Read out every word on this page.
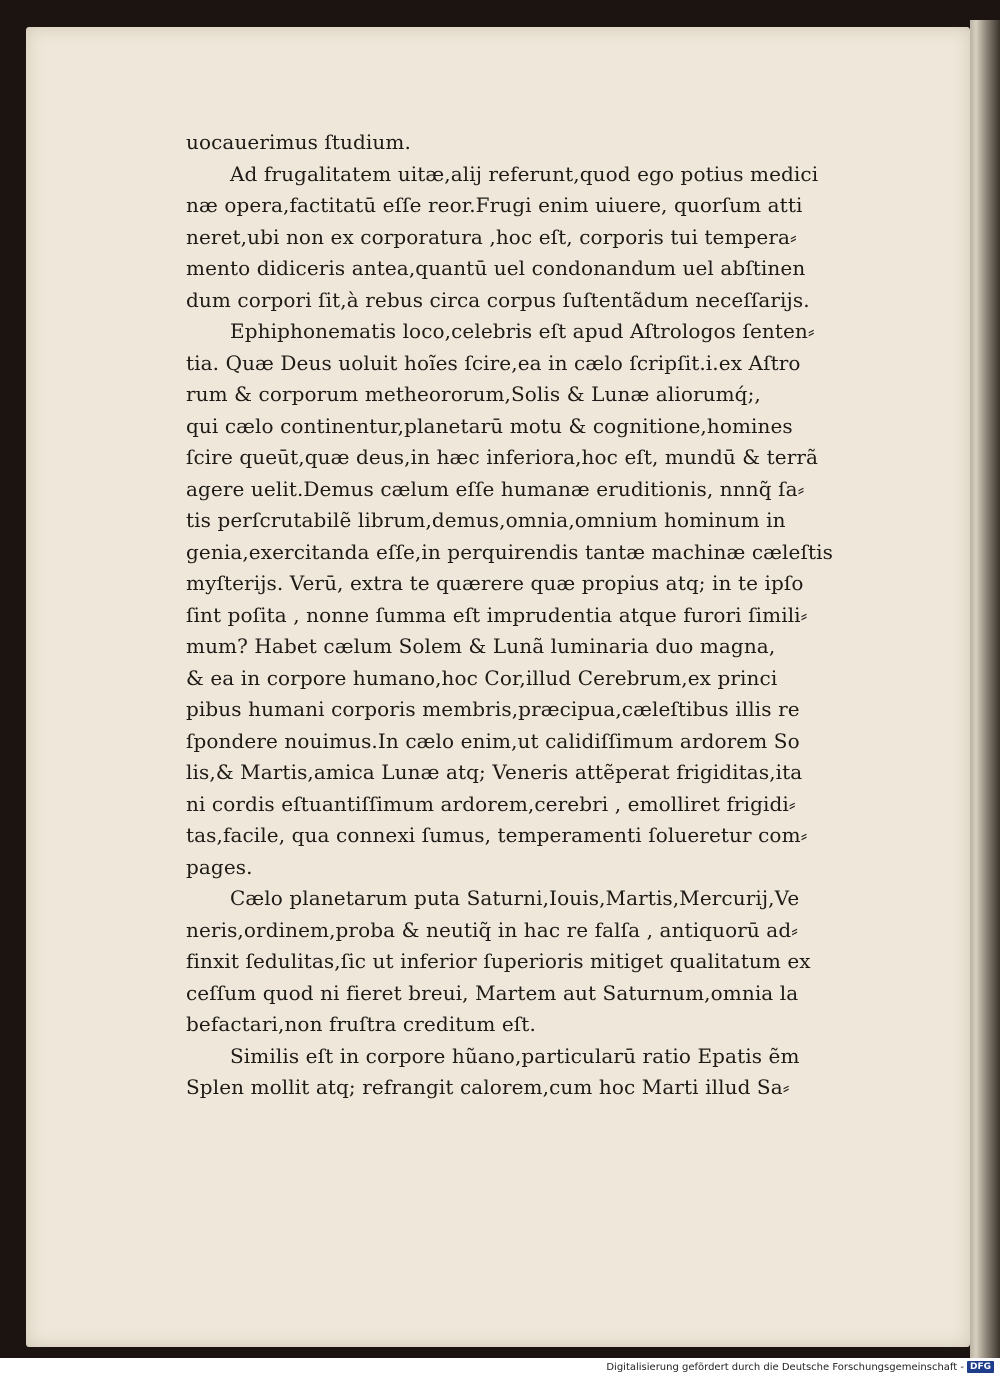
uocauerimus ſtudium.
Ad frugalitatem uitæ,alij referunt,quod ego potius medici
næ opera,factitatū eſſe reor.Frugi enim uiuere, quorſum atti
neret,ubi non ex corporatura ,hoc eſt, corporis tui tempera⸗
mento didiceris antea,quantū uel condonandum uel abſtinen
dum corpori ſit,à rebus circa corpus ſuſtentãdum neceſſarijs.
Ephiphonematis loco,celebris eſt apud Aſtrologos ſenten⸗
tia. Quæ Deus uoluit hoĩes ſcire,ea in cælo ſcripſit.i.ex Aſtro
rum & corporum metheororum,Solis & Lunæ aliorumq́;,
qui cælo continentur,planetarū motu & cognitione,homines
ſcire queūt,quæ deus,in hæc inferiora,hoc eſt, mundū & terrã
agere uelit.Demus cælum eſſe humanæ eruditionis, nnnq̃ ſa⸗
tis perſcrutabilẽ librum,demus,omnia,omnium hominum in
genia,exercitanda eſſe,in perquirendis tantæ machinæ cæleſtis
myſterijs. Verū, extra te quærere quæ propius atq; in te ipſo
ſint poſita , nonne ſumma eſt imprudentia atque furori ſimili⸗
mum? Habet cælum Solem & Lunã luminaria duo magna,
& ea in corpore humano,hoc Cor,illud Cerebrum,ex princi
pibus humani corporis membris,præcipua,cæleſtibus illis re
ſpondere nouimus.In cælo enim,ut calidiſſimum ardorem So
lis,& Martis,amica Lunæ atq; Veneris attẽperat frigiditas,ita
ni cordis eſtuantiſſimum ardorem,cerebri , emolliret frigidi⸗
tas,facile, qua connexi ſumus, temperamenti ſolueretur com⸗
pages.
Cælo planetarum puta Saturni,Iouis,Martis,Mercurij,Ve
neris,ordinem,proba & neutiq̃ in hac re falſa , antiquorū ad⸗
finxit ſedulitas,ſic ut inferior ſuperioris mitiget qualitatum ex
ceſſum quod ni fieret breui, Martem aut Saturnum,omnia la
befactari,non fruſtra creditum eſt.
Similis eſt in corpore hũano,particularū ratio Epatis ẽm
Splen mollit atq; refrangit calorem,cum hoc Marti illud Sa⸗
Digitalisierung gefördert durch die Deutsche Forschungsgemeinschaft - DFG
